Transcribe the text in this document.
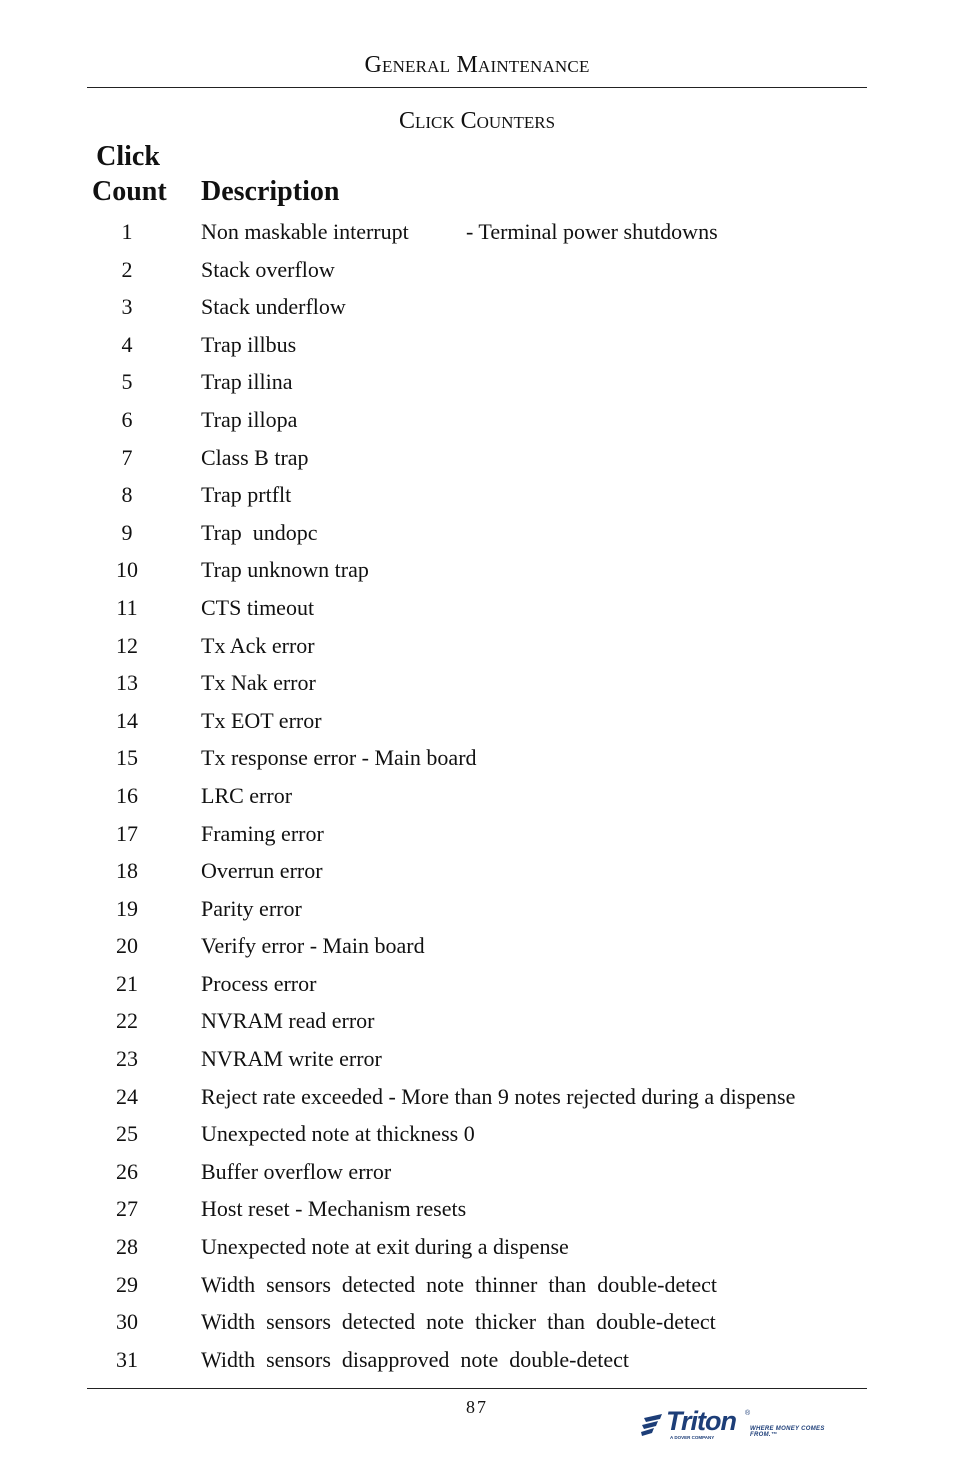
General Maintenance
Click Counters
Click
Count Description
1	Non maskable interrupt	- Terminal power shutdowns
2	Stack overflow
3	Stack underflow
4	Trap illbus
5	Trap illina
6	Trap illopa
7	Class B trap
8	Trap prtflt
9	Trap  undopc
10	Trap unknown trap
11	CTS timeout
12	Tx Ack error
13	Tx Nak error
14	Tx EOT error
15	Tx response error - Main board
16	LRC error
17	Framing error
18	Overrun error
19	Parity error
20	Verify error - Main board
21	Process error
22	NVRAM read error
23	NVRAM write error
24	Reject rate exceeded - More than 9 notes rejected during a dispense
25	Unexpected note at thickness 0
26	Buffer overflow error
27	Host reset - Mechanism resets
28	Unexpected note at exit during a dispense
29	Width  sensors  detected  note  thinner  than  double-detect
30	Width  sensors  detected  note  thicker  than  double-detect
31	Width  sensors  disapproved  note  double-detect
87	Triton ®
WHERE MONEY COMES FROM.™
A DOVER COMPANY
